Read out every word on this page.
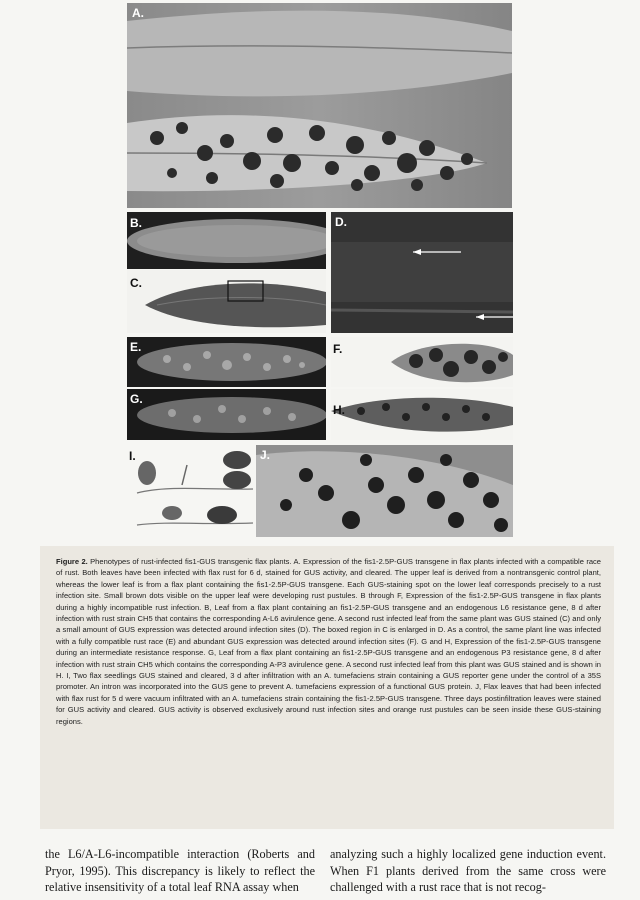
A.
B.
C.
D.
E.	F.
G.
H.
I.	J.
Figure 2. Phenotypes of rust-infected fis1-GUS transgenic flax plants. A. Expression of the fis1-2.5P-GUS transgene in flax plants infected with a compatible race of rust. Both leaves have been infected with flax rust for 6 d, stained for GUS activity, and cleared. The upper leaf is derived from a nontransgenic control plant, whereas the lower leaf is from a flax plant containing the fis1-2.5P-GUS transgene. Each GUS-staining spot on the lower leaf corresponds precisely to a rust infection site. Small brown dots visible on the upper leaf were developing rust pustules. B through F, Expression of the fis1-2.5P-GUS transgene in flax plants during a highly incompatible rust infection. B, Leaf from a flax plant containing an fis1-2.5P-GUS transgene and an endogenous L6 resistance gene, 8 d after infection with rust strain CH5 that contains the corresponding A-L6 avirulence gene. A second rust infected leaf from the same plant was GUS stained (C) and only a small amount of GUS expression was detected around infection sites (D). The boxed region in C is enlarged in D. As a control, the same plant line was infected with a fully compatible rust race (E) and abundant GUS expression was detected around infection sites (F). G and H, Expression of the fis1-2.5P-GUS transgene during an intermediate resistance response. G, Leaf from a flax plant containing an fis1-2.5P-GUS transgene and an endogenous P3 resistance gene, 8 d after infection with rust strain CH5 which contains the corresponding A-P3 avirulence gene. A second rust infected leaf from this plant was GUS stained and is shown in H. I, Two flax seedlings GUS stained and cleared, 3 d after infiltration with an A. tumefaciens strain containing a GUS reporter gene under the control of a 35S promoter. An intron was incorporated into the GUS gene to prevent A. tumefaciens expression of a functional GUS protein. J, Flax leaves that had been infected with flax rust for 5 d were vacuum infiltrated with an A. tumefaciens strain containing the fis1-2.5P-GUS transgene. Three days postinfiltration leaves were stained for GUS activity and cleared. GUS activity is observed exclusively around rust infection sites and orange rust pustules can be seen inside these GUS-staining regions.
the L6/A-L6-incompatible interaction (Roberts and Pryor, 1995). This discrepancy is likely to reflect the relative insensitivity of a total leaf RNA assay when
analyzing such a highly localized gene induction event. When F1 plants derived from the same cross were challenged with a rust race that is not recog-
